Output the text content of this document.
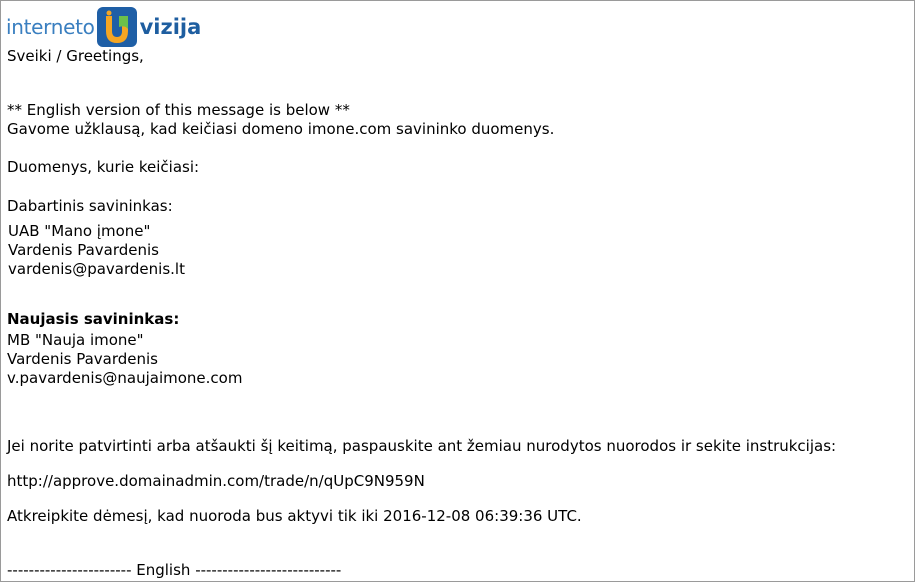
interneto vizija
Sveiki / Greetings,
** English version of this message is below **
Gavome užklausą, kad keičiasi domeno imone.com savininko duomenys.
Duomenys, kurie keičiasi:
Dabartinis savininkas:
UAB "Mano įmone"
Vardenis Pavardenis
vardenis@pavardenis.lt
Naujasis savininkas:
MB "Nauja imone"
Vardenis Pavardenis
v.pavardenis@naujaimone.com
Jei norite patvirtinti arba atšaukti šį keitimą, paspauskite ant žemiau nurodytos nuorodos ir sekite instrukcijas:
http://approve.domainadmin.com/trade/n/qUpC9N959N
Atkreipkite dėmesį, kad nuoroda bus aktyvi tik iki 2016-12-08 06:39:36 UTC.
----------------------- English ---------------------------
